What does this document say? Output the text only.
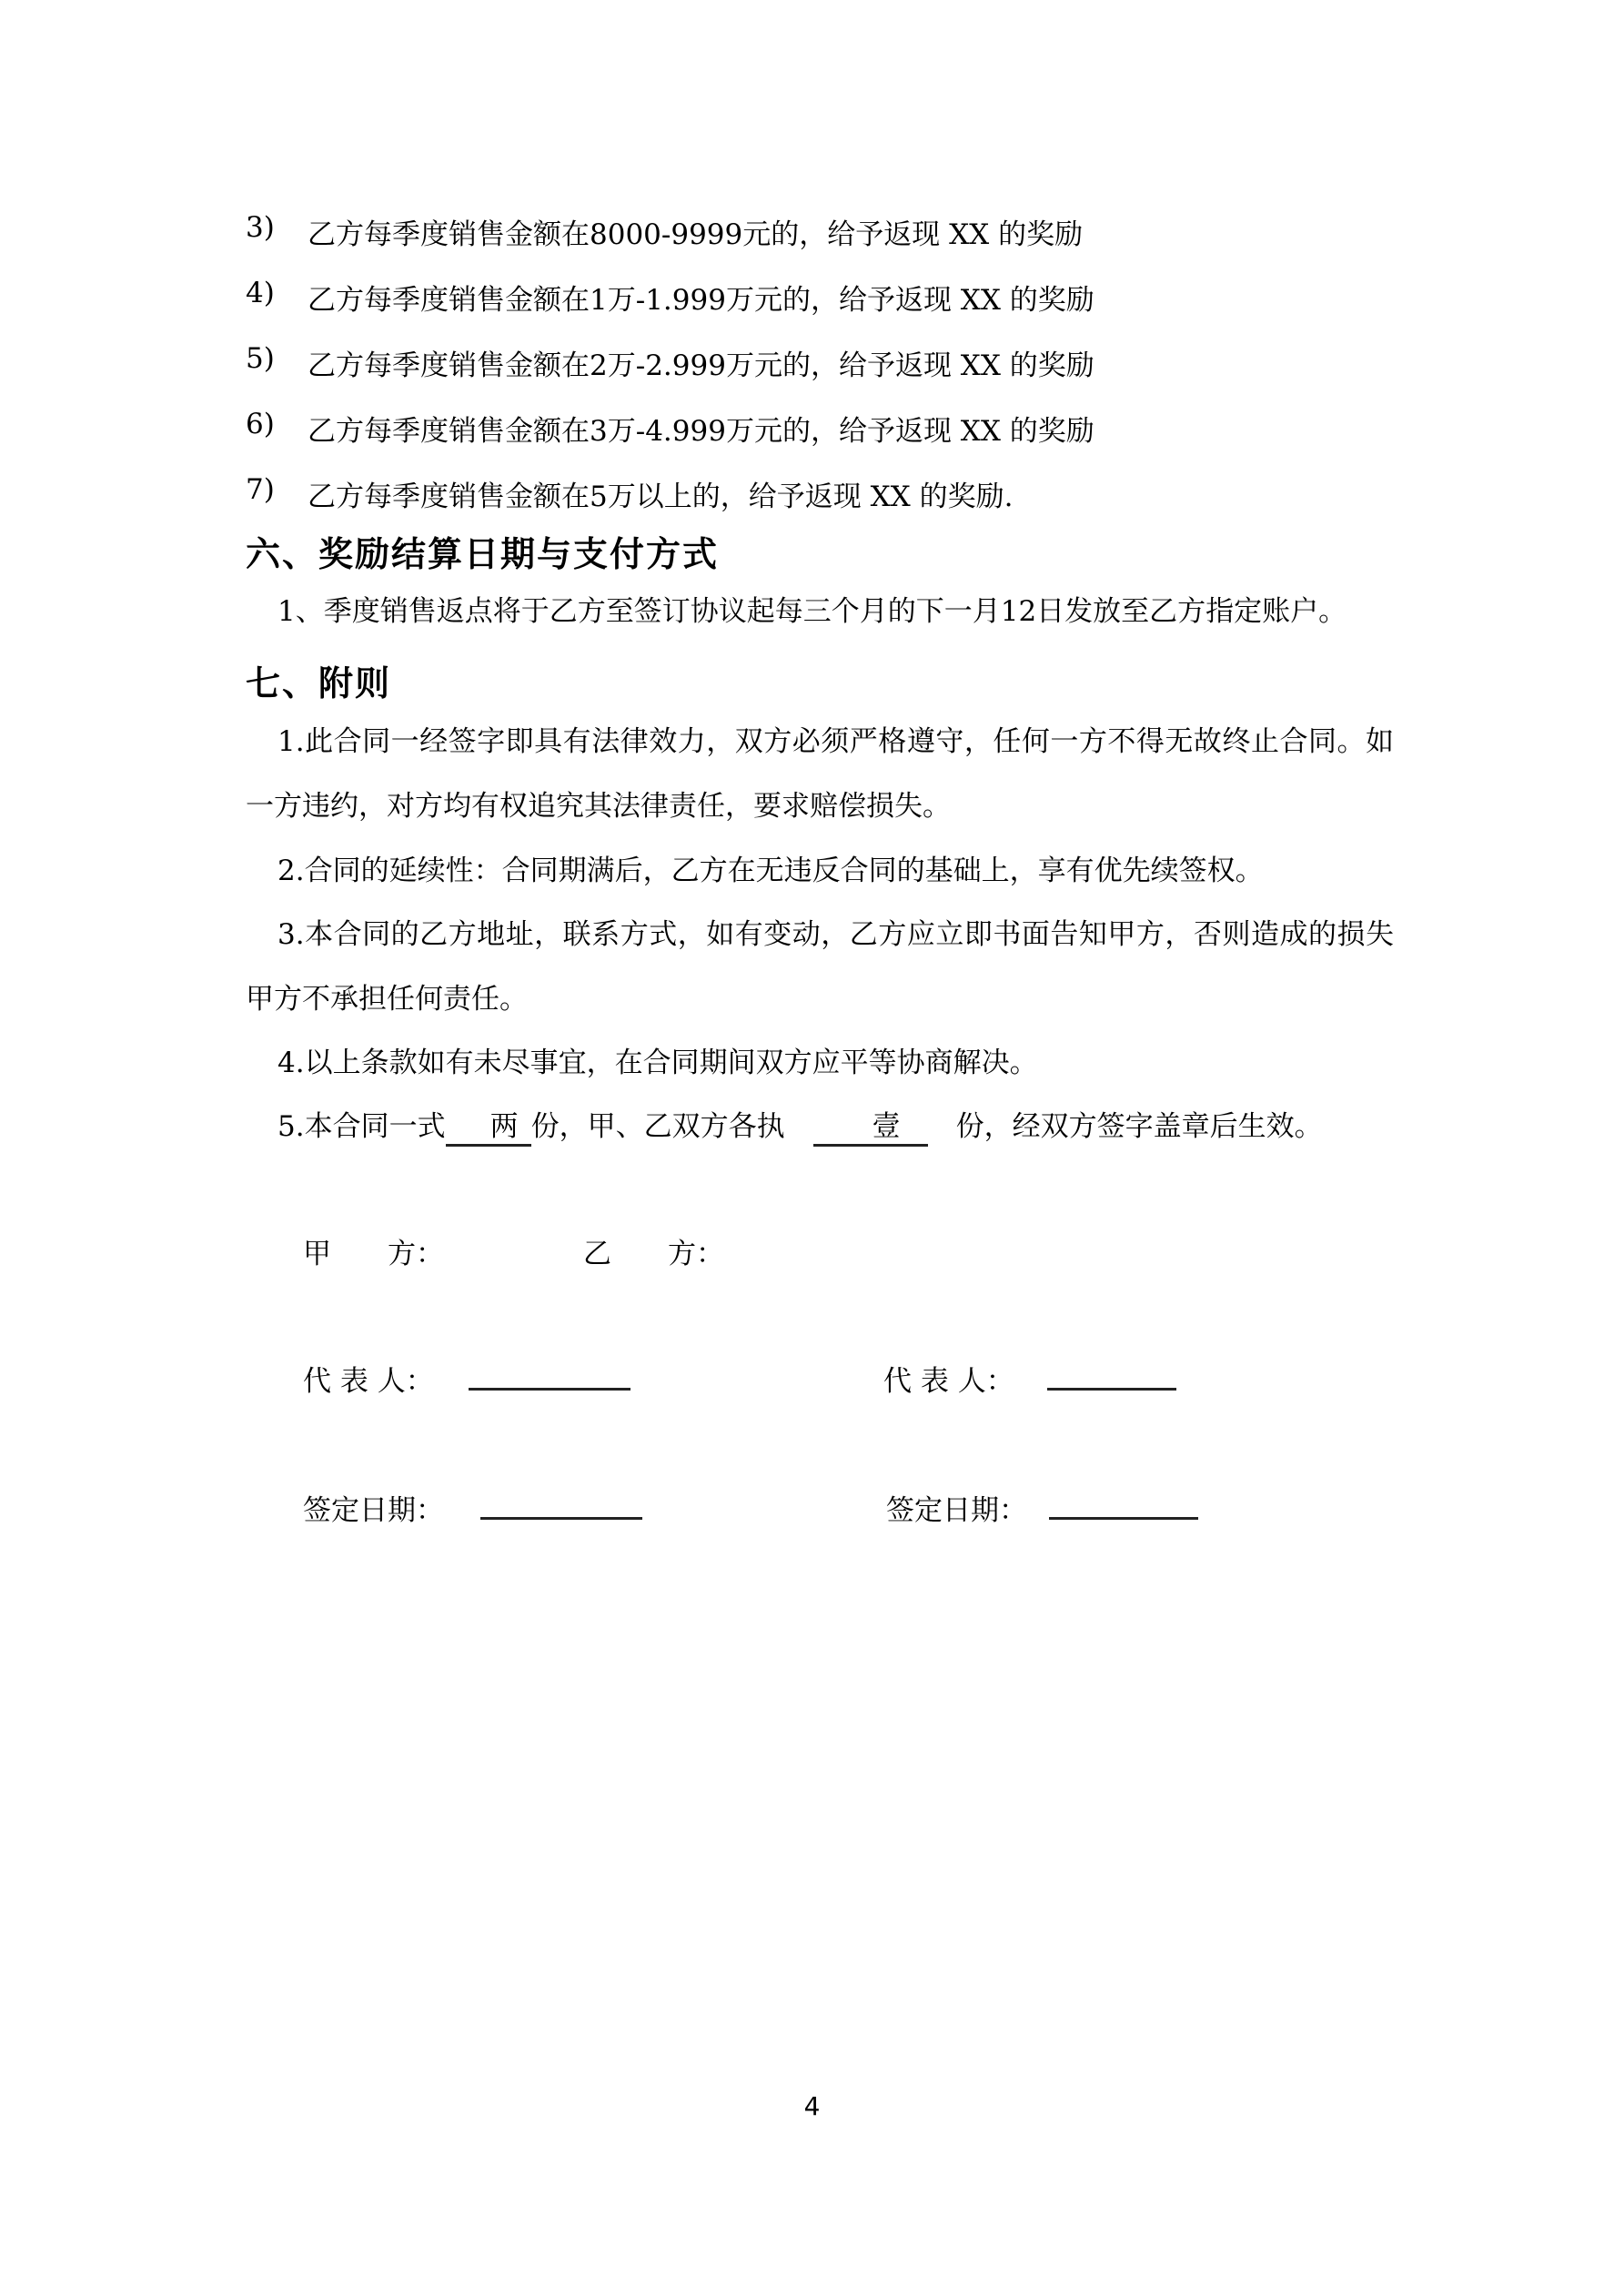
3) 乙方每季度销售金额在8000-9999元的，给予返现 XX 的奖励
4) 乙方每季度销售金额在1万-1.999万元的，给予返现 XX 的奖励
5) 乙方每季度销售金额在2万-2.999万元的，给予返现 XX 的奖励
6) 乙方每季度销售金额在3万-4.999万元的，给予返现 XX 的奖励
7) 乙方每季度销售金额在5万以上的，给予返现 XX 的奖励.
六、奖励结算日期与支付方式
1、季度销售返点将于乙方至签订协议起每三个月的下一月12日发放至乙方指定账户。
七、附则
1.此合同一经签字即具有法律效力，双方必须严格遵守，任何一方不得无故终止合同。如
一方违约，对方均有权追究其法律责任，要求赔偿损失。
2.合同的延续性：合同期满后，乙方在无违反合同的基础上，享有优先续签权。
3.本合同的乙方地址，联系方式，如有变动，乙方应立即书面告知甲方，否则造成的损失
甲方不承担任何责任。
4.以上条款如有未尽事宜，在合同期间双方应平等协商解决。
5.本合同一式 两 份，甲、乙双方各执　	壹　 份，经双方签字盖章后生效。
甲　　方：	乙　　方：
代 表 人：	代 表 人：
签定日期：	签定日期：
4
